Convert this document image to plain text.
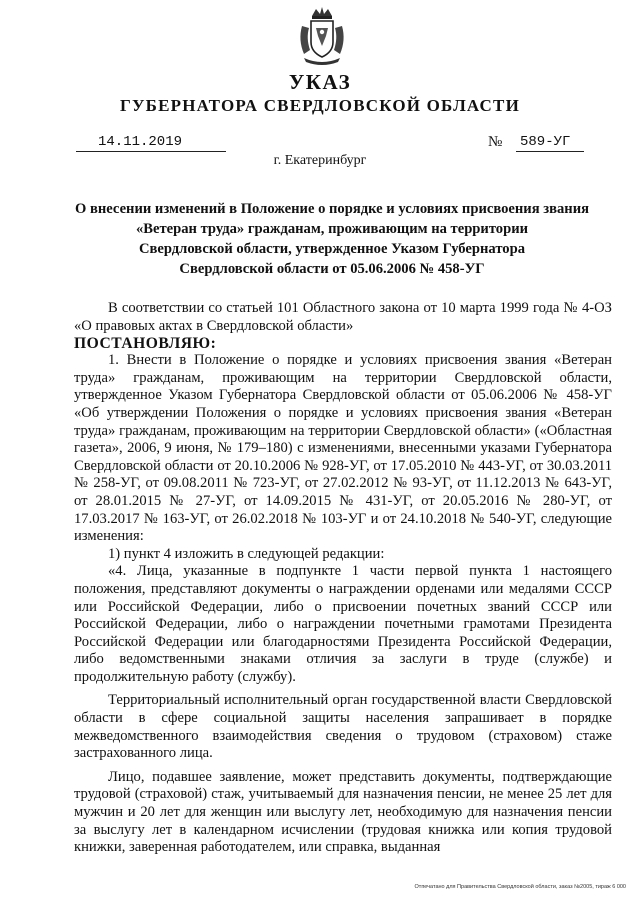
УКАЗ
ГУБЕРНАТОРА СВЕРДЛОВСКОЙ ОБЛАСТИ
14.11.2019	№ 589-УГ
г. Екатеринбург
О внесении изменений в Положение о порядке и условиях присвоения звания
«Ветеран труда» гражданам, проживающим на территории
Свердловской области, утвержденное Указом Губернатора
Свердловской области от 05.06.2006 № 458-УГ

В соответствии со статьей 101 Областного закона от 10 марта 1999 года № 4-ОЗ «О правовых актах в Свердловской области»

ПОСТАНОВЛЯЮ:

1. Внести в Положение о порядке и условиях присвоения звания «Ветеран труда» гражданам, проживающим на территории Свердловской области, утвержденное Указом Губернатора Свердловской области от 05.06.2006 № 458-УГ «Об утверждении Положения о порядке и условиях присвоения звания «Ветеран труда» гражданам, проживающим на территории Свердловской области» («Областная газета», 2006, 9 июня, № 179–180) с изменениями, внесенными указами Губернатора Свердловской области от 20.10.2006 № 928-УГ, от 17.05.2010 № 443-УГ, от 30.03.2011 № 258-УГ, от 09.08.2011 № 723-УГ, от 27.02.2012 № 93-УГ, от 11.12.2013 № 643-УГ, от 28.01.2015 № 27-УГ, от 14.09.2015 № 431-УГ, от 20.05.2016 № 280-УГ, от 17.03.2017 № 163-УГ, от 26.02.2018 № 103-УГ и от 24.10.2018 № 540-УГ, следующие изменения:

1) пункт 4 изложить в следующей редакции:

«4. Лица, указанные в подпункте 1 части первой пункта 1 настоящего положения, представляют документы о награждении орденами или медалями СССР или Российской Федерации, либо о присвоении почетных званий СССР или Российской Федерации, либо о награждении почетными грамотами Президента Российской Федерации или благодарностями Президента Российской Федерации, либо ведомственными знаками отличия за заслуги в труде (службе) и продолжительную работу (службу).

Территориальный исполнительный орган государственной власти Свердловской области в сфере социальной защиты населения запрашивает в порядке межведомственного взаимодействия сведения о трудовом (страховом) стаже застрахованного лица.

Лицо, подавшее заявление, может представить документы, подтверждающие трудовой (страховой) стаж, учитываемый для назначения пенсии, не менее 25 лет для мужчин и 20 лет для женщин или выслугу лет, необходимую для назначения пенсии за выслугу лет в календарном исчислении (трудовая книжка или копия трудовой книжки, заверенная работодателем, или справка, выданная

Отпечатано для Правительства Свердловской области, заказ №2005, тираж 6 000
